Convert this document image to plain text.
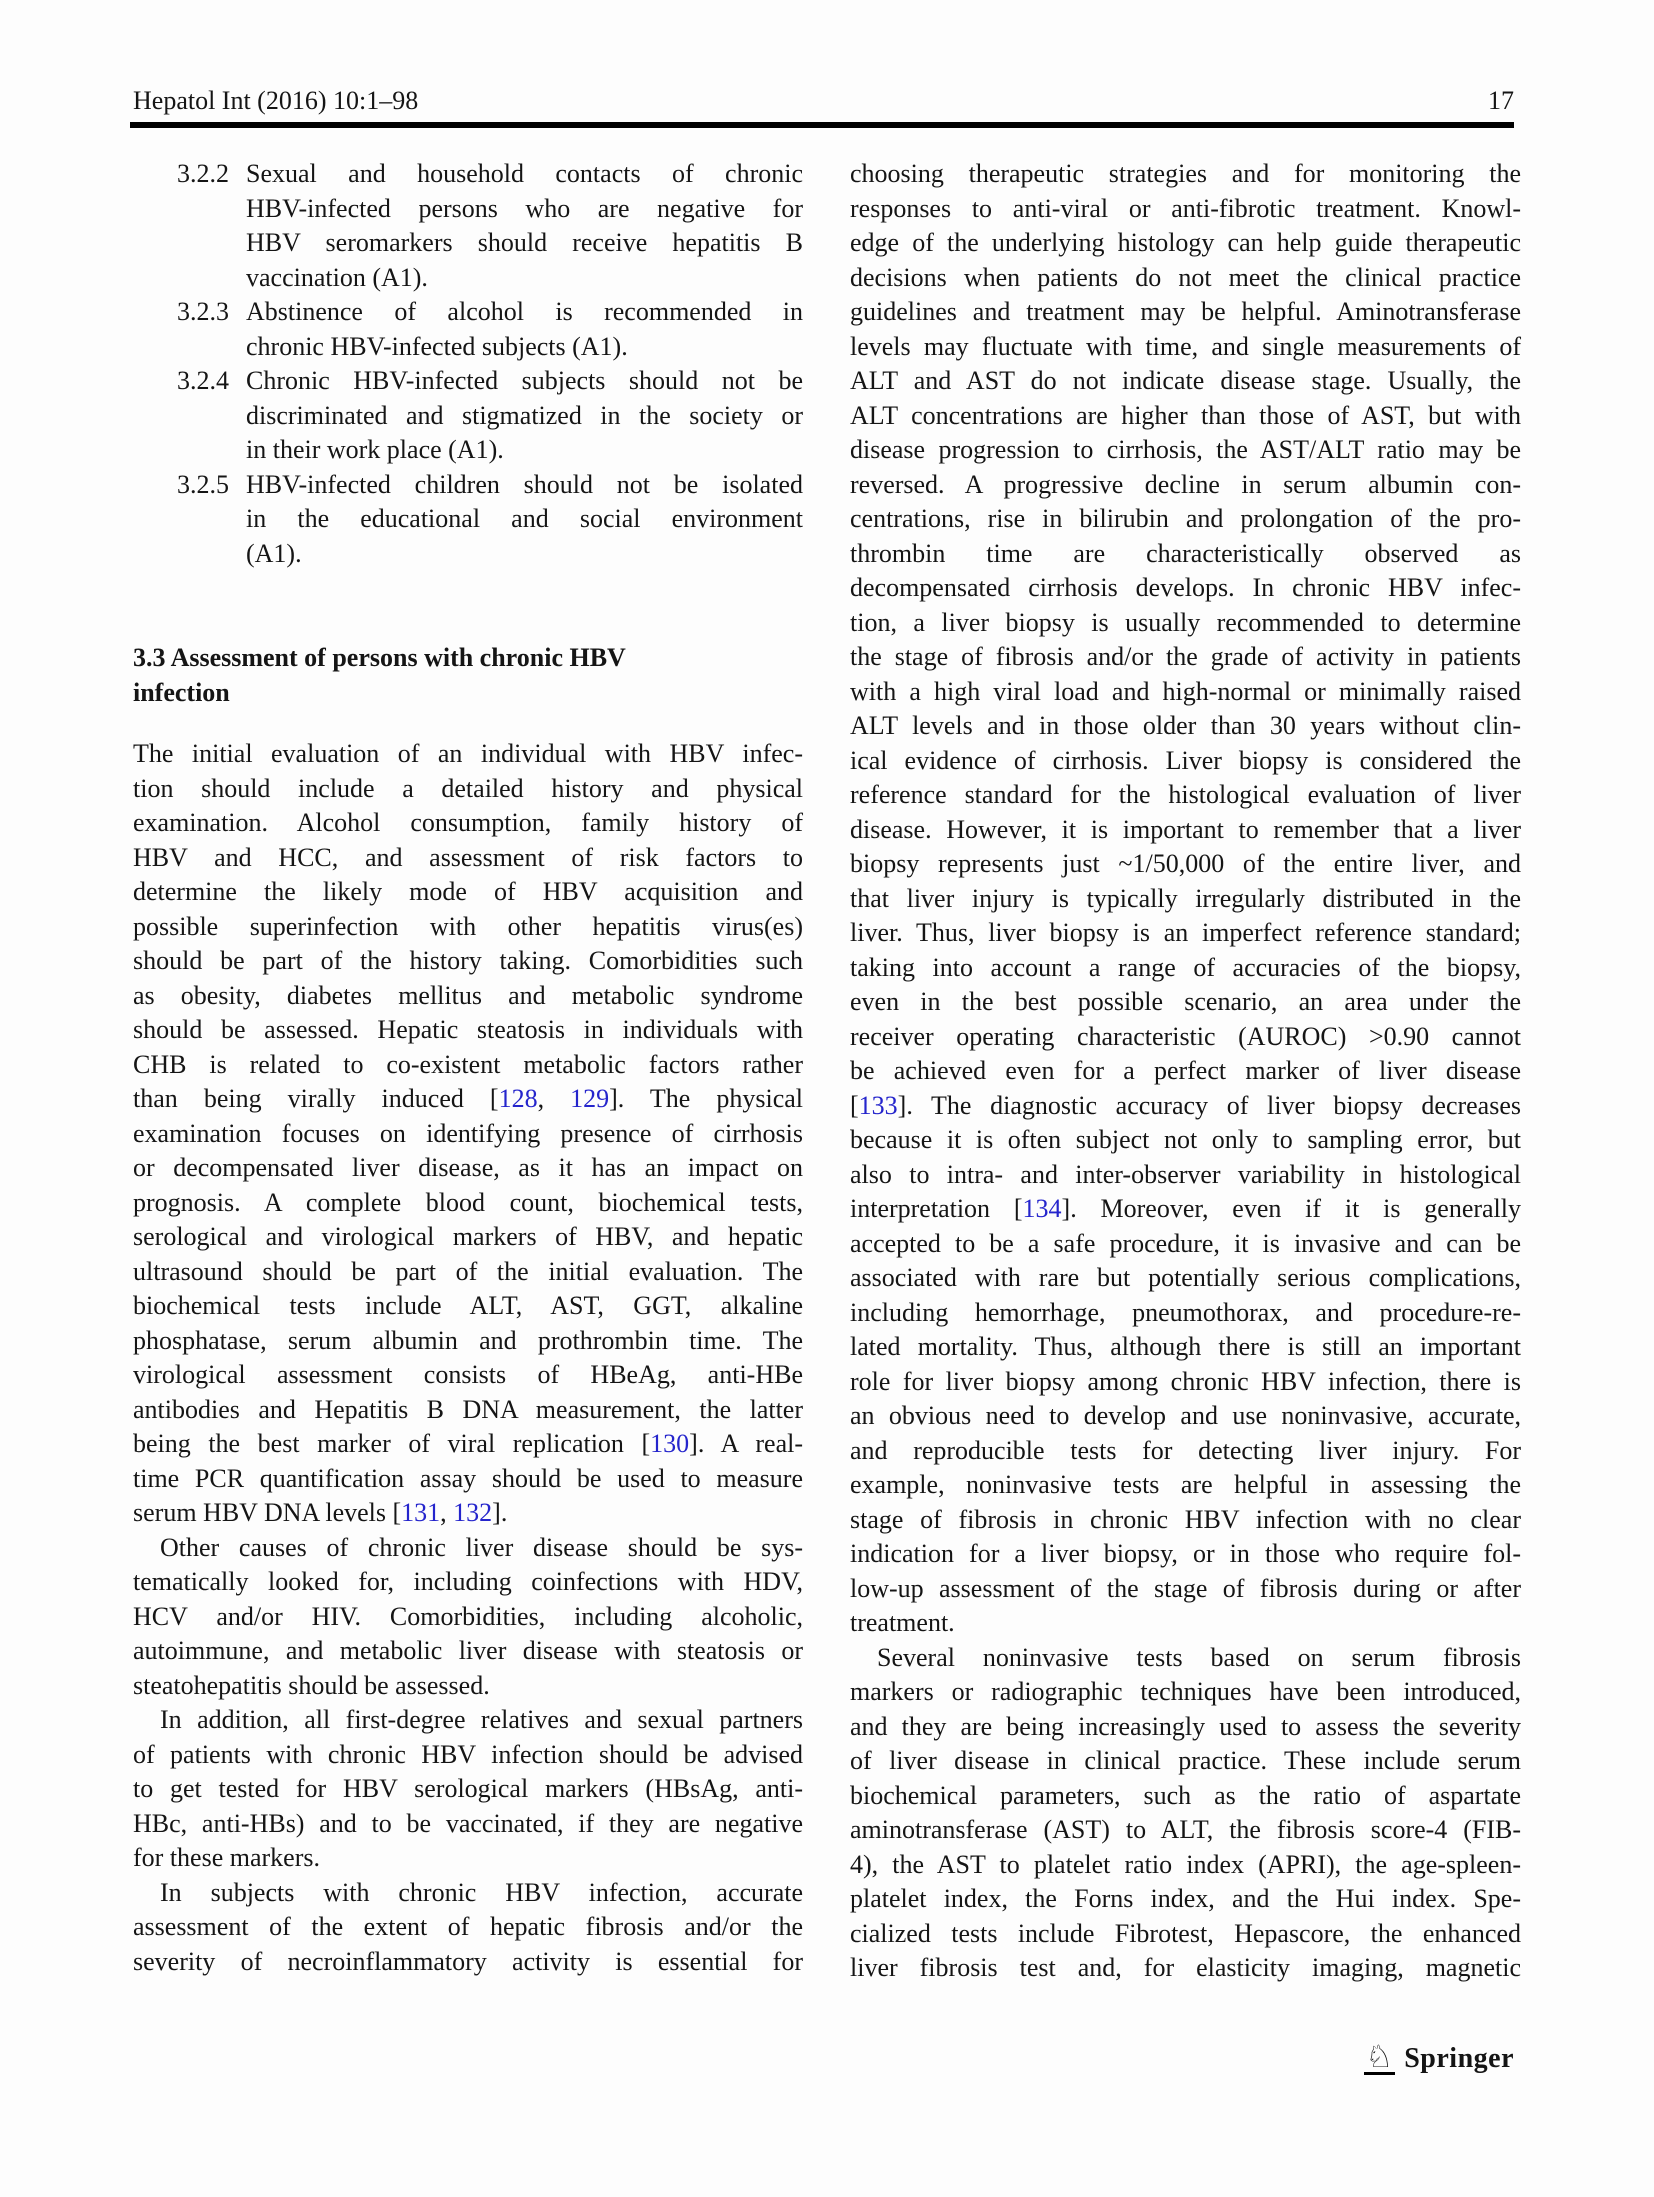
Hepatol Int (2016) 10:1–98	17
3.2.2 Sexual and household contacts of chronic
HBV-infected persons who are negative for
HBV seromarkers should receive hepatitis B
vaccination (A1).
3.2.3 Abstinence of alcohol is recommended in
chronic HBV-infected subjects (A1).
3.2.4 Chronic HBV-infected subjects should not be
discriminated and stigmatized in the society or
in their work place (A1).
3.2.5 HBV-infected children should not be isolated
in the educational and social environment
(A1).
3.3 Assessment of persons with chronic HBV
infection
The initial evaluation of an individual with HBV infec-
tion should include a detailed history and physical
examination. Alcohol consumption, family history of
HBV and HCC, and assessment of risk factors to
determine the likely mode of HBV acquisition and
possible superinfection with other hepatitis virus(es)
should be part of the history taking. Comorbidities such
as obesity, diabetes mellitus and metabolic syndrome
should be assessed. Hepatic steatosis in individuals with
CHB is related to co-existent metabolic factors rather
than being virally induced [128, 129]. The physical
examination focuses on identifying presence of cirrhosis
or decompensated liver disease, as it has an impact on
prognosis. A complete blood count, biochemical tests,
serological and virological markers of HBV, and hepatic
ultrasound should be part of the initial evaluation. The
biochemical tests include ALT, AST, GGT, alkaline
phosphatase, serum albumin and prothrombin time. The
virological assessment consists of HBeAg, anti-HBe
antibodies and Hepatitis B DNA measurement, the latter
being the best marker of viral replication [130]. A real-
time PCR quantification assay should be used to measure
serum HBV DNA levels [131, 132].
Other causes of chronic liver disease should be sys-
tematically looked for, including coinfections with HDV,
HCV and/or HIV. Comorbidities, including alcoholic,
autoimmune, and metabolic liver disease with steatosis or
steatohepatitis should be assessed.
In addition, all first-degree relatives and sexual partners
of patients with chronic HBV infection should be advised
to get tested for HBV serological markers (HBsAg, anti-
HBc, anti-HBs) and to be vaccinated, if they are negative
for these markers.
In subjects with chronic HBV infection, accurate
assessment of the extent of hepatic fibrosis and/or the
severity of necroinflammatory activity is essential for
choosing therapeutic strategies and for monitoring the
responses to anti-viral or anti-fibrotic treatment. Knowl-
edge of the underlying histology can help guide therapeutic
decisions when patients do not meet the clinical practice
guidelines and treatment may be helpful. Aminotransferase
levels may fluctuate with time, and single measurements of
ALT and AST do not indicate disease stage. Usually, the
ALT concentrations are higher than those of AST, but with
disease progression to cirrhosis, the AST/ALT ratio may be
reversed. A progressive decline in serum albumin con-
centrations, rise in bilirubin and prolongation of the pro-
thrombin time are characteristically observed as
decompensated cirrhosis develops. In chronic HBV infec-
tion, a liver biopsy is usually recommended to determine
the stage of fibrosis and/or the grade of activity in patients
with a high viral load and high-normal or minimally raised
ALT levels and in those older than 30 years without clin-
ical evidence of cirrhosis. Liver biopsy is considered the
reference standard for the histological evaluation of liver
disease. However, it is important to remember that a liver
biopsy represents just ~1/50,000 of the entire liver, and
that liver injury is typically irregularly distributed in the
liver. Thus, liver biopsy is an imperfect reference standard;
taking into account a range of accuracies of the biopsy,
even in the best possible scenario, an area under the
receiver operating characteristic (AUROC) >0.90 cannot
be achieved even for a perfect marker of liver disease
[133]. The diagnostic accuracy of liver biopsy decreases
because it is often subject not only to sampling error, but
also to intra- and inter-observer variability in histological
interpretation [134]. Moreover, even if it is generally
accepted to be a safe procedure, it is invasive and can be
associated with rare but potentially serious complications,
including hemorrhage, pneumothorax, and procedure-re-
lated mortality. Thus, although there is still an important
role for liver biopsy among chronic HBV infection, there is
an obvious need to develop and use noninvasive, accurate,
and reproducible tests for detecting liver injury. For
example, noninvasive tests are helpful in assessing the
stage of fibrosis in chronic HBV infection with no clear
indication for a liver biopsy, or in those who require fol-
low-up assessment of the stage of fibrosis during or after
treatment.
Several noninvasive tests based on serum fibrosis
markers or radiographic techniques have been introduced,
and they are being increasingly used to assess the severity
of liver disease in clinical practice. These include serum
biochemical parameters, such as the ratio of aspartate
aminotransferase (AST) to ALT, the fibrosis score-4 (FIB-
4), the AST to platelet ratio index (APRI), the age-spleen-
platelet index, the Forns index, and the Hui index. Spe-
cialized tests include Fibrotest, Hepascore, the enhanced
liver fibrosis test and, for elasticity imaging, magnetic
♘ Springer
